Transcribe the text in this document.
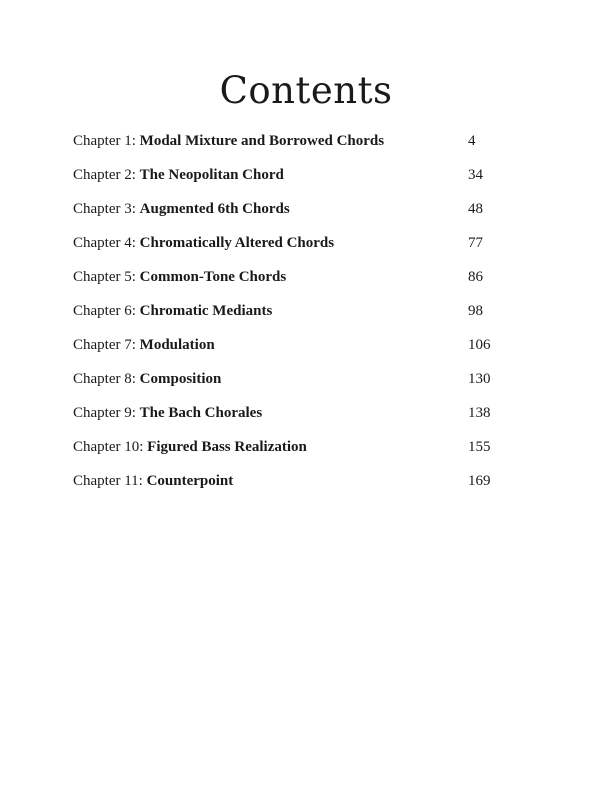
Contents
Chapter 1: Modal Mixture and Borrowed Chords	4
Chapter 2: The Neopolitan Chord	34
Chapter 3: Augmented 6th Chords	48
Chapter 4: Chromatically Altered Chords	77
Chapter 5: Common-Tone Chords	86
Chapter 6: Chromatic Mediants	98
Chapter 7: Modulation	106
Chapter 8: Composition	130
Chapter 9: The Bach Chorales	138
Chapter 10: Figured Bass Realization	155
Chapter 11: Counterpoint	169
